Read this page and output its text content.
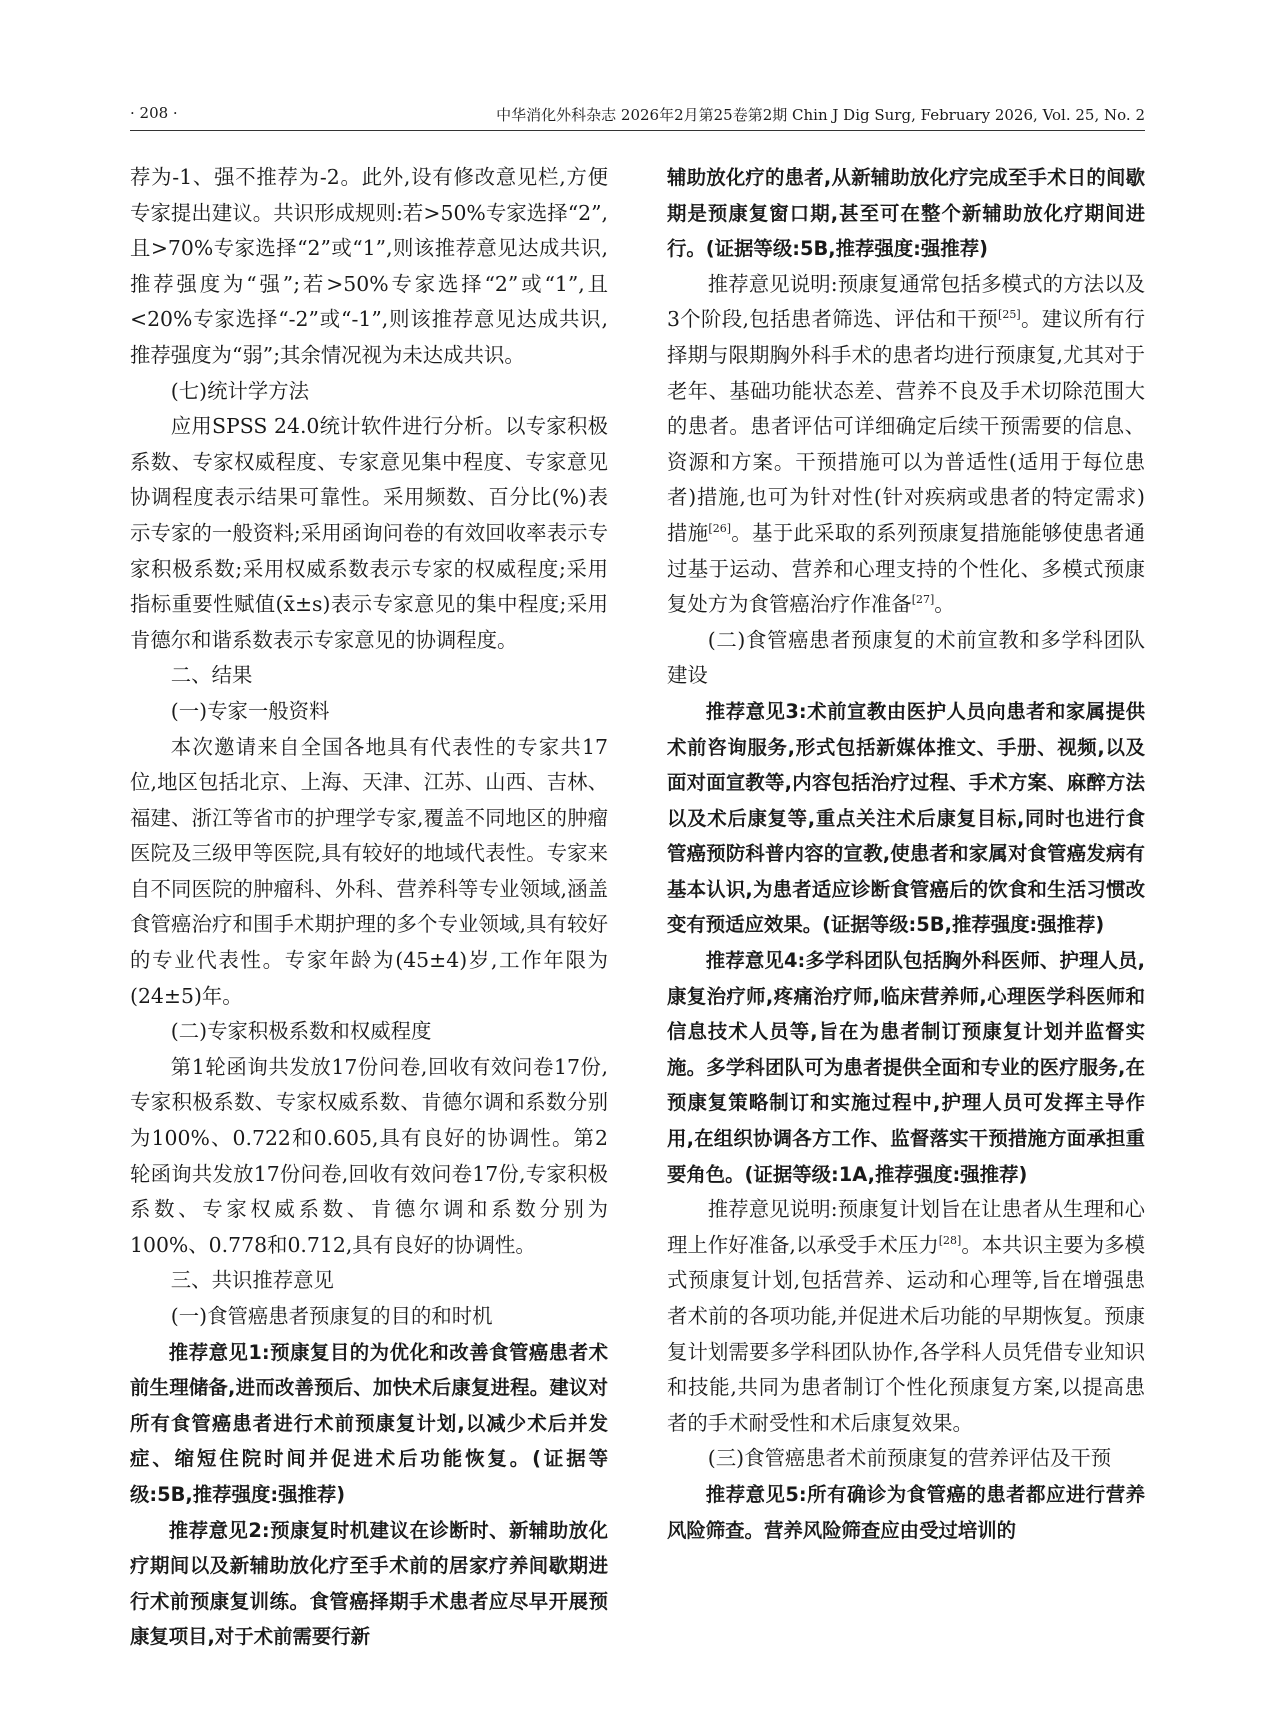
· 208 ·	中华消化外科杂志 2026年2月第25卷第2期 Chin J Dig Surg, February 2026, Vol. 25, No. 2

荐为-1、强不推荐为-2。此外,设有修改意见栏,方便专家提出建议。共识形成规则:若>50%专家选择“2”,且>70%专家选择“2”或“1”,则该推荐意见达成共识,推荐强度为“强”;若>50%专家选择“2”或“1”,且<20%专家选择“-2”或“-1”,则该推荐意见达成共识,推荐强度为“弱”;其余情况视为未达成共识。

(七)统计学方法

应用SPSS 24.0统计软件进行分析。以专家积极系数、专家权威程度、专家意见集中程度、专家意见协调程度表示结果可靠性。采用频数、百分比(%)表示专家的一般资料;采用函询问卷的有效回收率表示专家积极系数;采用权威系数表示专家的权威程度;采用指标重要性赋值(x̄±s)表示专家意见的集中程度;采用肯德尔和谐系数表示专家意见的协调程度。

二、结果

(一)专家一般资料

本次邀请来自全国各地具有代表性的专家共17位,地区包括北京、上海、天津、江苏、山西、吉林、福建、浙江等省市的护理学专家,覆盖不同地区的肿瘤医院及三级甲等医院,具有较好的地域代表性。专家来自不同医院的肿瘤科、外科、营养科等专业领域,涵盖食管癌治疗和围手术期护理的多个专业领域,具有较好的专业代表性。专家年龄为(45±4)岁,工作年限为(24±5)年。

(二)专家积极系数和权威程度

第1轮函询共发放17份问卷,回收有效问卷17份,专家积极系数、专家权威系数、肯德尔调和系数分别为100%、0.722和0.605,具有良好的协调性。第2轮函询共发放17份问卷,回收有效问卷17份,专家积极系数、专家权威系数、肯德尔调和系数分别为100%、0.778和0.712,具有良好的协调性。

三、共识推荐意见

(一)食管癌患者预康复的目的和时机

推荐意见1:预康复目的为优化和改善食管癌患者术前生理储备,进而改善预后、加快术后康复进程。建议对所有食管癌患者进行术前预康复计划,以减少术后并发症、缩短住院时间并促进术后功能恢复。(证据等级:5B,推荐强度:强推荐)

推荐意见2:预康复时机建议在诊断时、新辅助放化疗期间以及新辅助放化疗至手术前的居家疗养间歇期进行术前预康复训练。食管癌择期手术患者应尽早开展预康复项目,对于术前需要行新

辅助放化疗的患者,从新辅助放化疗完成至手术日的间歇期是预康复窗口期,甚至可在整个新辅助放化疗期间进行。(证据等级:5B,推荐强度:强推荐)

推荐意见说明:预康复通常包括多模式的方法以及3个阶段,包括患者筛选、评估和干预[25]。建议所有行择期与限期胸外科手术的患者均进行预康复,尤其对于老年、基础功能状态差、营养不良及手术切除范围大的患者。患者评估可详细确定后续干预需要的信息、资源和方案。干预措施可以为普适性(适用于每位患者)措施,也可为针对性(针对疾病或患者的特定需求)措施[26]。基于此采取的系列预康复措施能够使患者通过基于运动、营养和心理支持的个性化、多模式预康复处方为食管癌治疗作准备[27]。

(二)食管癌患者预康复的术前宣教和多学科团队建设

推荐意见3:术前宣教由医护人员向患者和家属提供术前咨询服务,形式包括新媒体推文、手册、视频,以及面对面宣教等,内容包括治疗过程、手术方案、麻醉方法以及术后康复等,重点关注术后康复目标,同时也进行食管癌预防科普内容的宣教,使患者和家属对食管癌发病有基本认识,为患者适应诊断食管癌后的饮食和生活习惯改变有预适应效果。(证据等级:5B,推荐强度:强推荐)

推荐意见4:多学科团队包括胸外科医师、护理人员,康复治疗师,疼痛治疗师,临床营养师,心理医学科医师和信息技术人员等,旨在为患者制订预康复计划并监督实施。多学科团队可为患者提供全面和专业的医疗服务,在预康复策略制订和实施过程中,护理人员可发挥主导作用,在组织协调各方工作、监督落实干预措施方面承担重要角色。(证据等级:1A,推荐强度:强推荐)

推荐意见说明:预康复计划旨在让患者从生理和心理上作好准备,以承受手术压力[28]。本共识主要为多模式预康复计划,包括营养、运动和心理等,旨在增强患者术前的各项功能,并促进术后功能的早期恢复。预康复计划需要多学科团队协作,各学科人员凭借专业知识和技能,共同为患者制订个性化预康复方案,以提高患者的手术耐受性和术后康复效果。

(三)食管癌患者术前预康复的营养评估及干预

推荐意见5:所有确诊为食管癌的患者都应进行营养风险筛查。营养风险筛查应由受过培训的
